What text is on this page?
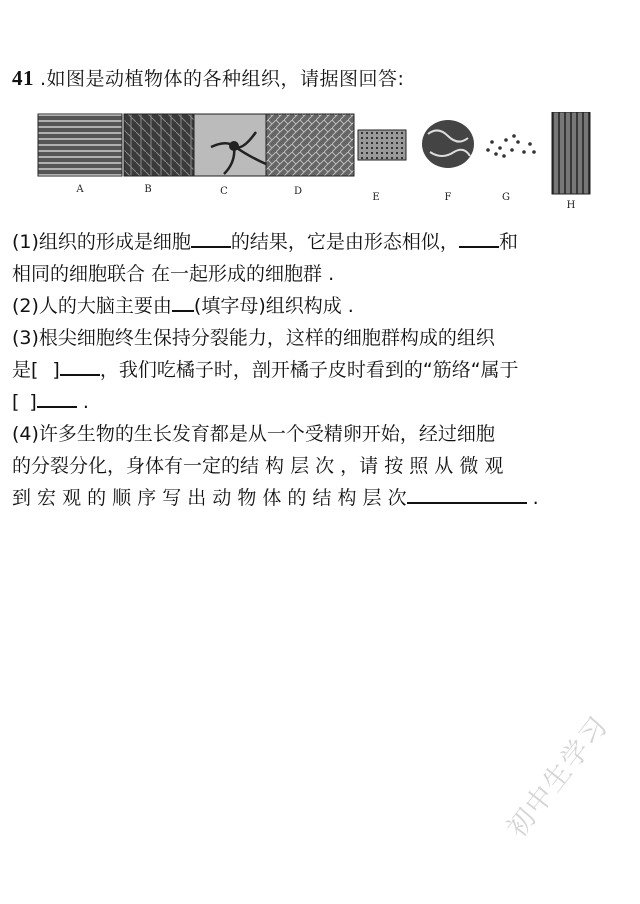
41 .如图是动植物体的各种组织，请据图回答:
A	B	C	D
E	F	G
H
(1)组织的形成是细胞 的结果，它是由形态相似， 和
相同的细胞联合 在一起形成的细胞群 .
(2)人的大脑主要由 (填字母)组织构成 .
(3)根尖细胞终生保持分裂能力，这样的细胞群构成的组织
是[ ] ，我们吃橘子时，剖开橘子皮时看到的“筋络“属于
[ ] .
(4)许多生物的生长发育都是从一个受精卵开始，经过细胞
的分裂分化，身体有一定的结 构 层 次 ，请 按 照 从 微 观
到 宏 观 的 顺 序 写 出 动 物 体 的 结 构 层 次	.
初中生学习
